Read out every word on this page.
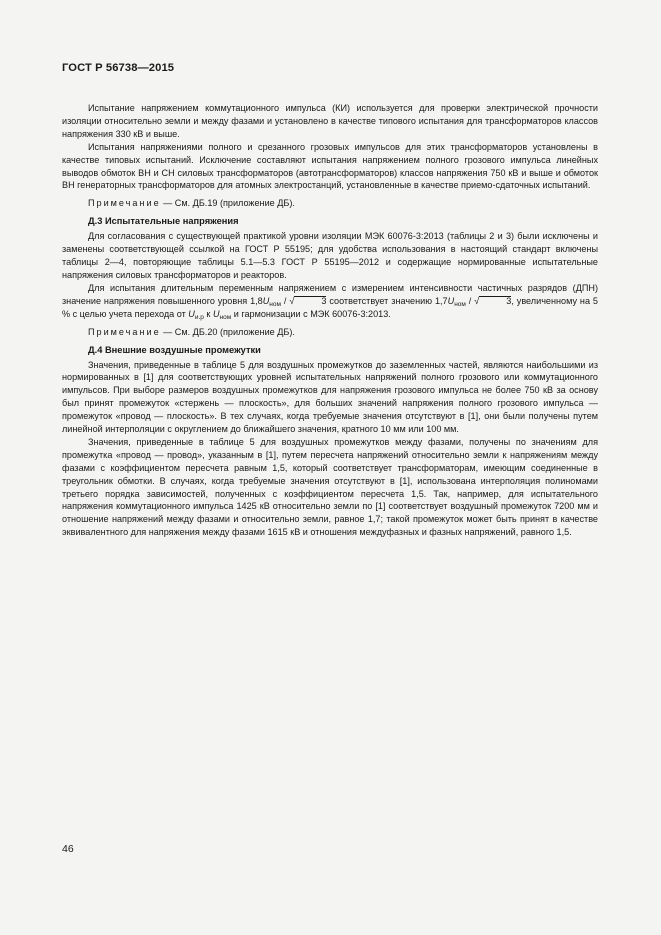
ГОСТ Р 56738—2015

Испытание напряжением коммутационного импульса (КИ) используется для проверки электрической прочности изоляции относительно земли и между фазами и установлено в качестве типового испытания для трансформаторов классов напряжения 330 кВ и выше.

Испытания напряжениями полного и срезанного грозовых импульсов для этих трансформаторов установлены в качестве типовых испытаний. Исключение составляют испытания напряжением полного грозового импульса линейных выводов обмоток ВН и СН силовых трансформаторов (автотрансформаторов) классов напряжения 750 кВ и выше и обмоток ВН генераторных трансформаторов для атомных электростанций, установленные в качестве приемо-сдаточных испытаний.

Примечание — См. ДБ.19 (приложение ДБ).

Д.3 Испытательные напряжения

Для согласования с существующей практикой уровни изоляции МЭК 60076-3:2013 (таблицы 2 и 3) были исключены и заменены соответствующей ссылкой на ГОСТ Р 55195; для удобства использования в настоящий стандарт включены таблицы 2—4, повторяющие таблицы 5.1—5.3 ГОСТ Р 55195—2012 и содержащие нормированные испытательные напряжения силовых трансформаторов и реакторов.

Для испытания длительным переменным напряжением с измерением интенсивности частичных разрядов (ДПН) значение напряжения повышенного уровня $1,8U_{ном}$ / √	3 соответствует значению $1,7U_{ном}$ / √	3, увеличенному на 5 % с целью учета перехода от $U_{и.р}$ к $U_{ном}$ и гармонизации с МЭК 60076-3:2013.

Примечание — См. ДБ.20 (приложение ДБ).

Д.4 Внешние воздушные промежутки

Значения, приведенные в таблице 5 для воздушных промежутков до заземленных частей, являются наибольшими из нормированных в [1] для соответствующих уровней испытательных напряжений полного грозового или коммутационного импульсов. При выборе размеров воздушных промежутков для напряжения грозового импульса не более 750 кВ за основу был принят промежуток «стержень — плоскость», для больших значений напряжения полного грозового импульса — промежуток «провод — плоскость». В тех случаях, когда требуемые значения отсутствуют в [1], они были получены путем линейной интерполяции с округлением до ближайшего значения, кратного 10 мм или 100 мм.

Значения, приведенные в таблице 5 для воздушных промежутков между фазами, получены по значениям для промежутка «провод — провод», указанным в [1], путем пересчета напряжений относительно земли к напряжениям между фазами с коэффициентом пересчета равным 1,5, который соответствует трансформаторам, имеющим соединенные в треугольник обмотки. В случаях, когда требуемые значения отсутствуют в [1], использована интерполяция полиномами третьего порядка зависимостей, полученных с коэффициентом пересчета 1,5. Так, например, для испытательного напряжения коммутационного импульса 1425 кВ относительно земли по [1] соответствует воздушный промежуток 7200 мм и отношение напряжений между фазами и относительно земли, равное 1,7; такой промежуток может быть принят в качестве эквивалентного для напряжения между фазами 1615 кВ и отношения междуфазных и фазных напряжений, равного 1,5.

46
